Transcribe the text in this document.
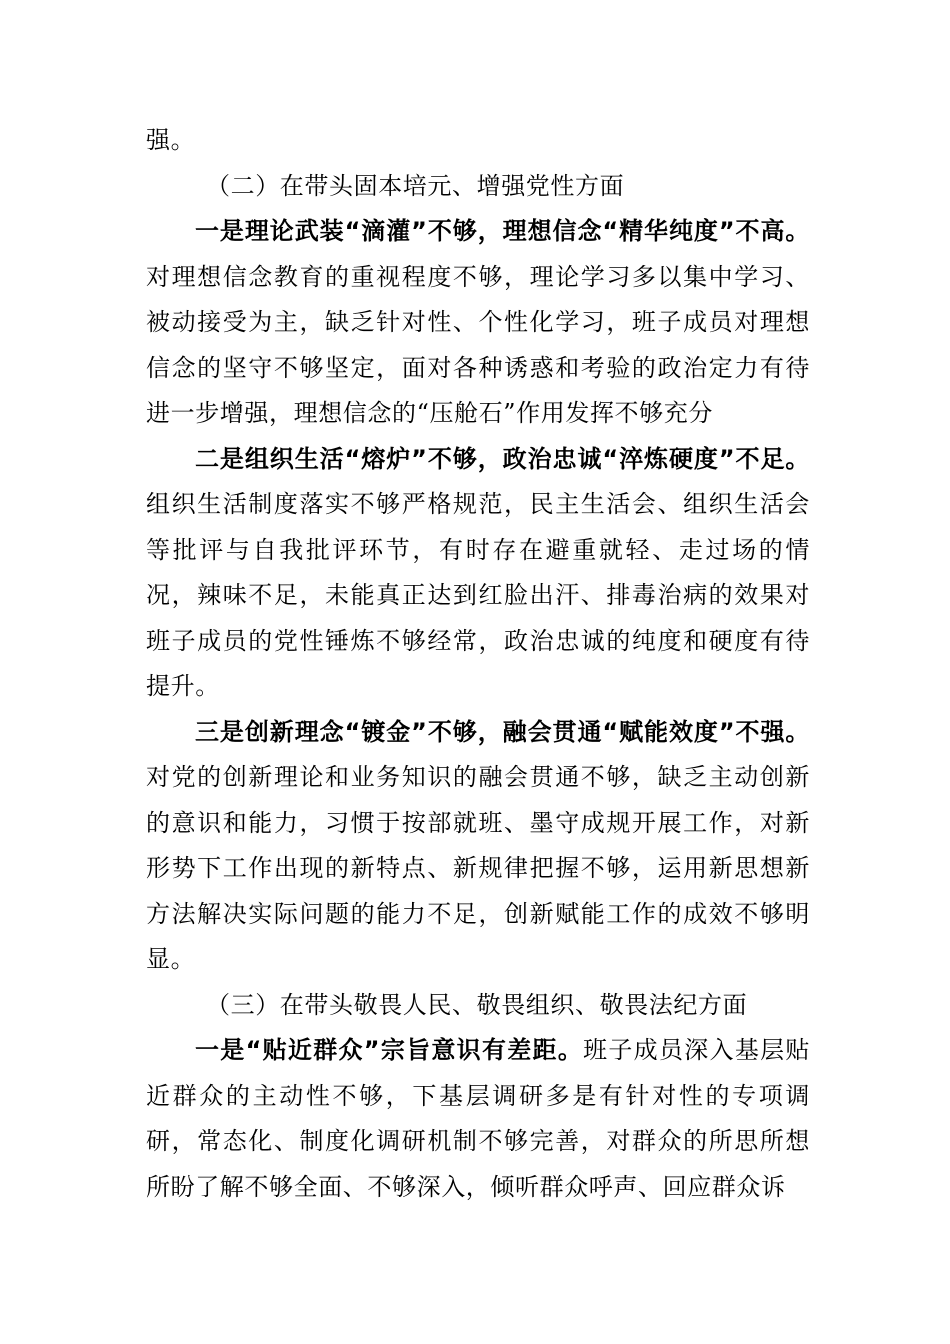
强。

（二）在带头固本培元、增强党性方面

一是理论武装“滴灌”不够，理想信念“精华纯度”不高。对理想信念教育的重视程度不够，理论学习多以集中学习、被动接受为主，缺乏针对性、个性化学习，班子成员对理想信念的坚守不够坚定，面对各种诱惑和考验的政治定力有待进一步增强，理想信念的“压舱石”作用发挥不够充分

二是组织生活“熔炉”不够，政治忠诚“淬炼硬度”不足。组织生活制度落实不够严格规范，民主生活会、组织生活会等批评与自我批评环节，有时存在避重就轻、走过场的情况，辣味不足，未能真正达到红脸出汗、排毒治病的效果对班子成员的党性锤炼不够经常，政治忠诚的纯度和硬度有待提升。

三是创新理念“镀金”不够，融会贯通“赋能效度”不强。对党的创新理论和业务知识的融会贯通不够，缺乏主动创新的意识和能力，习惯于按部就班、墨守成规开展工作，对新形势下工作出现的新特点、新规律把握不够，运用新思想新方法解决实际问题的能力不足，创新赋能工作的成效不够明显。

（三）在带头敬畏人民、敬畏组织、敬畏法纪方面

一是“贴近群众”宗旨意识有差距。班子成员深入基层贴近群众的主动性不够，下基层调研多是有针对性的专项调研，常态化、制度化调研机制不够完善，对群众的所思所想所盼了解不够全面、不够深入，倾听群众呼声、回应群众诉
